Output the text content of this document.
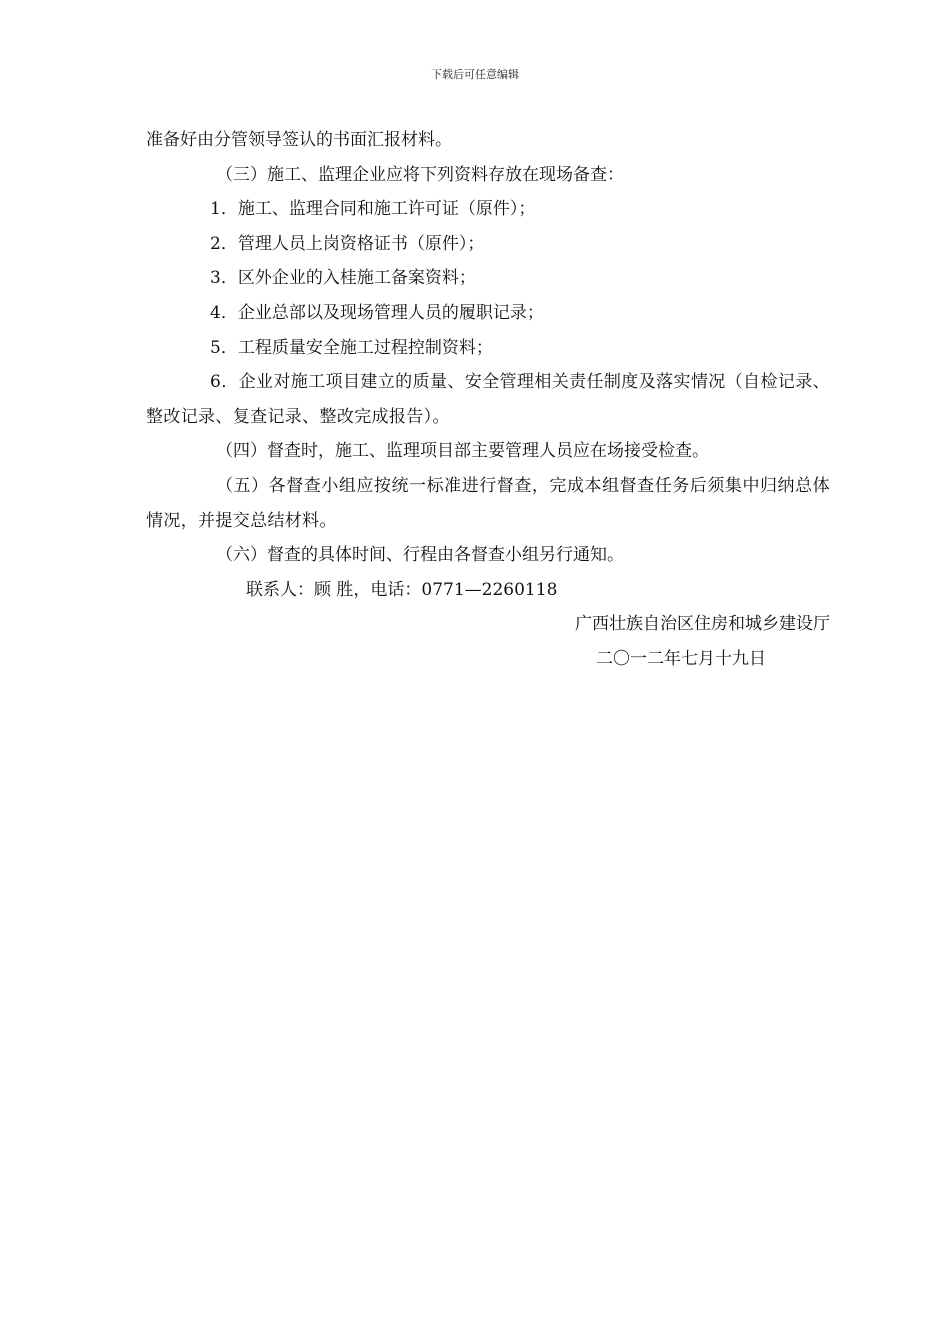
下载后可任意编辑
准备好由分管领导签认的书面汇报材料。
（三）施工、监理企业应将下列资料存放在现场备查：
1．施工、监理合同和施工许可证（原件）；
2．管理人员上岗资格证书（原件）；
3．区外企业的入桂施工备案资料；
4．企业总部以及现场管理人员的履职记录；
5．工程质量安全施工过程控制资料；
6．企业对施工项目建立的质量、安全管理相关责任制度及落实情况（自检记录、整改记录、复查记录、整改完成报告）。
（四）督查时，施工、监理项目部主要管理人员应在场接受检查。
（五）各督查小组应按统一标准进行督查，完成本组督查任务后须集中归纳总体情况，并提交总结材料。
（六）督查的具体时间、行程由各督查小组另行通知。
联系人：顾 胜，电话：0771—2260118
广西壮族自治区住房和城乡建设厅
二〇一二年七月十九日
